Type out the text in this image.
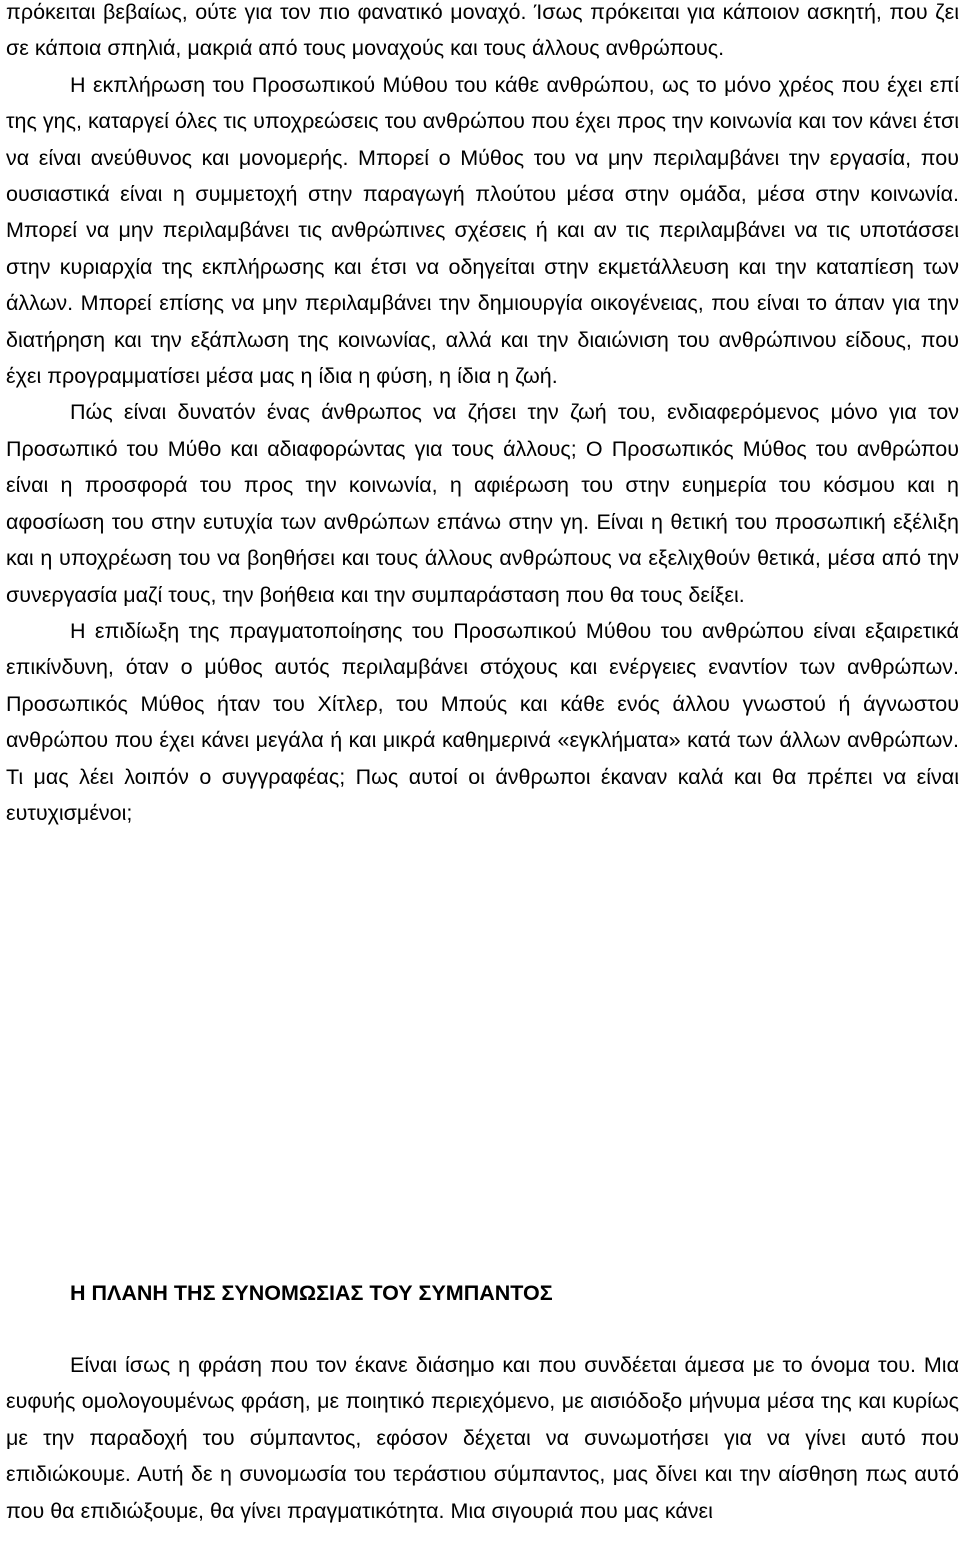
πρόκειται βεβαίως, ούτε για τον πιο φανατικό μοναχό. Ίσως πρόκειται για κάποιον ασκητή, που ζει σε κάποια σπηλιά, μακριά από τους μοναχούς και τους άλλους ανθρώπους.

Η εκπλήρωση του Προσωπικού Μύθου του κάθε ανθρώπου, ως το μόνο χρέος που έχει επί της γης, καταργεί όλες τις υποχρεώσεις του ανθρώπου που έχει προς την κοινωνία και τον κάνει έτσι να είναι ανεύθυνος και μονομερής. Μπορεί ο Μύθος του να μην περιλαμβάνει την εργασία, που ουσιαστικά είναι η συμμετοχή στην παραγωγή πλούτου μέσα στην ομάδα, μέσα στην κοινωνία. Μπορεί να μην περιλαμβάνει τις ανθρώπινες σχέσεις ή και αν τις περιλαμβάνει να τις υποτάσσει στην κυριαρχία της εκπλήρωσης και έτσι να οδηγείται στην εκμετάλλευση και την καταπίεση των άλλων. Μπορεί επίσης να μην περιλαμβάνει την δημιουργία οικογένειας, που είναι το άπαν για την διατήρηση και την εξάπλωση της κοινωνίας, αλλά και την διαιώνιση του ανθρώπινου είδους, που έχει προγραμματίσει μέσα μας η ίδια η φύση, η ίδια η ζωή.

Πώς είναι δυνατόν ένας άνθρωπος να ζήσει την ζωή του, ενδιαφερόμενος μόνο για τον Προσωπικό του Μύθο και αδιαφορώντας για τους άλλους; Ο Προσωπικός Μύθος του ανθρώπου είναι η προσφορά του προς την κοινωνία, η αφιέρωση του στην ευημερία του κόσμου και η αφοσίωση του στην ευτυχία των ανθρώπων επάνω στην γη. Είναι η θετική του προσωπική εξέλιξη και η υποχρέωση του να βοηθήσει και τους άλλους ανθρώπους να εξελιχθούν θετικά, μέσα από την συνεργασία μαζί τους, την βοήθεια και την συμπαράσταση που θα τους δείξει.

Η επιδίωξη της πραγματοποίησης του Προσωπικού Μύθου του ανθρώπου είναι εξαιρετικά επικίνδυνη, όταν ο μύθος αυτός περιλαμβάνει στόχους και ενέργειες εναντίον των ανθρώπων. Προσωπικός Μύθος ήταν του Χίτλερ, του Μπούς και κάθε ενός άλλου γνωστού ή άγνωστου ανθρώπου που έχει κάνει μεγάλα ή και μικρά καθημερινά «εγκλήματα» κατά των άλλων ανθρώπων. Τι μας λέει λοιπόν ο συγγραφέας; Πως αυτοί οι άνθρωποι έκαναν καλά και θα πρέπει να είναι ευτυχισμένοι;

Η ΠΛΑΝΗ ΤΗΣ ΣΥΝΟΜΩΣΙΑΣ ΤΟΥ ΣΥΜΠΑΝΤΟΣ

Είναι ίσως η φράση που τον έκανε διάσημο και που συνδέεται άμεσα με το όνομα του. Μια ευφυής ομολογουμένως φράση, με ποιητικό περιεχόμενο, με αισιόδοξο μήνυμα μέσα της και κυρίως με την παραδοχή του σύμπαντος, εφόσον δέχεται να συνωμοτήσει για να γίνει αυτό που επιδιώκουμε. Αυτή δε η συνομωσία του τεράστιου σύμπαντος, μας δίνει και την αίσθηση πως αυτό που θα επιδιώξουμε, θα γίνει πραγματικότητα. Μια σιγουριά που μας κάνει
